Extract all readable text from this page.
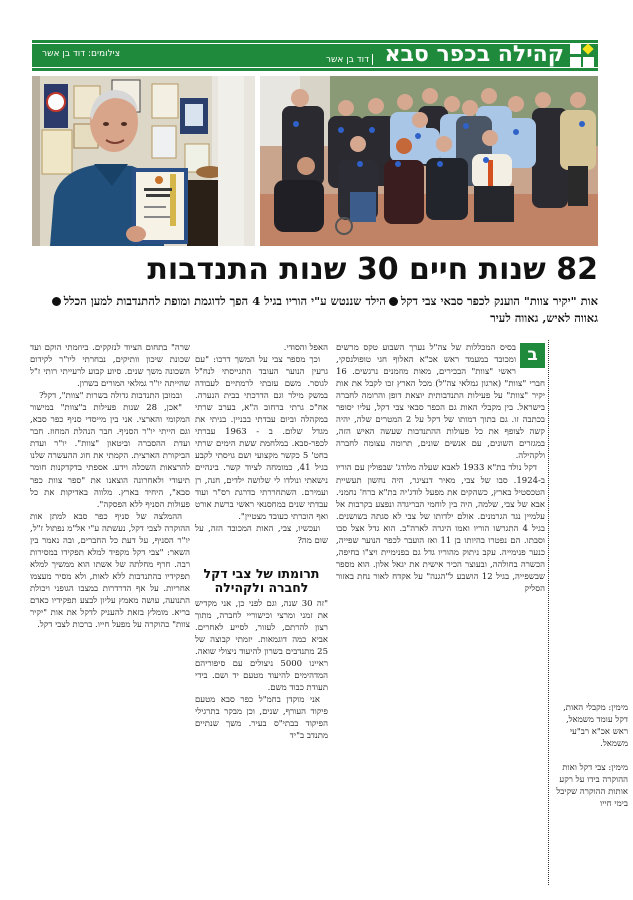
קהילה בכפר סבא
דוד בן אשר
צילומים: דוד בן אשר
82 שנות חיים 30 שנות התנדבות
אות "יקיר צוות" הוענק לכפר סבאי צבי דקלהילד שננטש ע"י הוריו בגיל 4 הפך לדוגמת ומופת להתנדבות למען הכללגאווה לאיש, גאווה לעיר
ב

בסיס המכללות של צה"ל נערך השבוע טקס מרשים ומכובד במעמד ראש אכ"א האלוף חגי טופולנסקי, ראשי "צוות" הבכירים, מאות מוזמנים נרגשים. 16 חברי "צוות" (ארגון גמלאי צה"ל) מכל הארץ זכו לקבל את אות יקיר "צוות" על פעילות התנדבותית יוצאת דופן והרומה לחברה בישראל. בין מקבלי האות גם הכפר סבאי צבי דקל, עליו יסופר בכתבה זו. גם בתוך דמותו של דקל על 2 המטרים שלה, יהיה קשה לצופף את כל פעולות ההתנדבות שעשה האיש הזה, במגזרים השונים, עם אנשים שונים, תרומה עצומה לחברה ולקהילה.

דקל נולד בת"א 1933 לאבא שעלה מלודג' שבפולין עם הוריו ב-1924. סבו של צבי, מאיר דנציגר, היה נחשון תעשיית הטכסטיל בארץ, כשהקים את מפעל לודג'יה בת"א ברח' נחמני. אבא של צבי, שלמה, היה בין לוחמי הבריגדה ונפצע בקרבות אל עלמיין נגד הגרמנים. אולם ילדותו של צבי לא סגתה בשושנים. בגיל 4 התגרשו הוריו ואמו היגרה לארה"ב. הוא גדל אצל סבו וסבתו. הם נפטרו בהיותו בן 11 ואז הועבר לכפר הנוער שפייה, כנער פנימייה. עקב ניתוק מהוריו גדל גם בפנימיית ויצ"ו בחיפה, הכשרה בחולהה, ובעוצר הכיר אישית את יגאל אלון. הוא מספר שבשפייה, בגיל 12 הושבע ל"הגנה" על אקדח לאור נחת באזור הסליק

האפל והסודי.

וכך מספר צבי על המשך דרכו: "עם גרעין הנוער העובד התגייסתי לנח"ל לגוסר. משם עזבתי לרמתיים לעבודה במשק מילר וגם הדרכתי בבית הנערה. אח"כ גרתי ברחוב ה"א, בערב שרתי במקהלה וביום עבדתי בבניין. בניתי את מגדל שלום. ב - 1963 עברתי לכפר-סבא. במלחמת ששת הימים שרתי בחט' 5 כקשר מקצועי ושם גויסתי לקבע בגיל 41, כמומחה לציוד קשר. בינהיים נישאתי ונולדו לי שלושה ילדים, חנה, רן ועמירם. השתחררתי בדרגת רס"ר ועוד עבדתי שנים במחסנאי ראשי ברשת אורט ואף הוכרתי כעובד מצטיין".

ועכשיו, צבי, האות המכובד הזה, על שום מה?

תרומתו של צבי דקל לחברה ולקהילה

"זה 30 שנה, וגם לפני כן, אני מקדיש את זמני ומרצי וכישוריי לחברה, מתוך רצון להרתם, לעזור, לסייע לאחרים. אביא כמה דוגמאות. יזמתי קבוצה של 25 מתנדבים בשרון להיעוד ניצולי שואה. ראיינו 5000 ניצולים עם סיפוריהם המדהימים להיעוד מטעם יד ושם. בידי תעודת כבוד משם.

אני מוקדן בחמ"ל כפר סבא מטעם פיקוד העורף, שנים, וכן מבקר בתרגילי הפיקוד בבתי"ס בעיר. משך שנתיים מתנדב ב"יד

שרה" בתחום הציוד לנזקקים. ביוזמתי הוקם ועד שכונת שיכון וותיקים, נבחרתי ליו"ר לקידום השכונה משך שנים. סיוע קבוע לרעייתי רותי ז"ל שהייתה יו"ר גמלאי המורים בשרון.

ובמובן התנדבות גדולה בשרות "צוות", דקל?

"אכן, 28 שנות פעילות ב"צוות" במישור המקומי והארצי. אני בין מייסדי סניף כפר סבא, וגם הייתי יו"ר הסניף. חבר הנהלת המחוז. חבר ועדת ההסברה וביטאון "צוות". יו"ר ועדת הביקורת הארצית. הקמתי את חוג ההעשרה שלנו להרצאות השכלה וידע. אספתי בדקדקנות חומר תיעודי ולאחרונה הוצאנו את "ספר צוות כפר סבא", היחיד בארץ. מלווה באדיקות את כל פעולות הסניף ללא הפסקה".

ההמלצה של סניף כפר סבא למתן אות ההוקרה לצבי דקל, נעשתה ע"י אל"מ נפתול ז"ל, יו"ר הסניף, על דעת כל החברים, ובה נאמר בין השאר: "צבי דקל מקפיד למלא תפקידו במסירות רבה. חרף מחלתה של אשתו הוא ממשיך למלא תפקידיו בהתנדבות ללא לאות, ולא מסיר מעצמו אחריות. על אף הדרדרות במצבו הגופני ויכולת התנועה, עושה מאמץ עליון לבצע תפקידיו כאדם בריא. מומלץ בזאת להעניק לדקל את אות "יקיר צוות" כהוקרה על מפעל חייו. ברכות לצבי דקל.

מימין: מקבלי האות, דקל עומד משמאל, ראש אכ"א רב"עי משמאל.

מימין: צבי דקל ואות ההוקרה בידו על רקע אותות ההוקרה שקיבל בימי חייו
